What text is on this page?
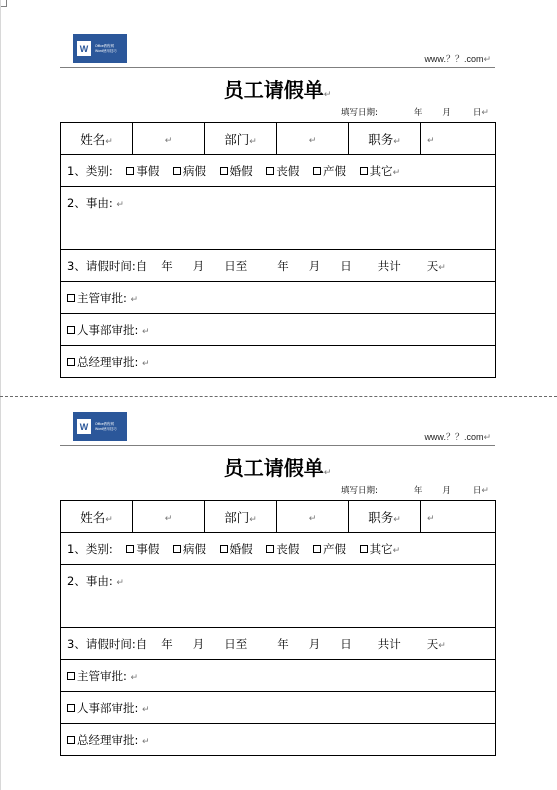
W	Office教程网
Word使用技巧
www.？？.com↵
员工请假单↵
填写日期:	年 月	日↵
姓名↵	↵	部门↵	↵	职务↵	↵
1、类别: 事假 病假 婚假 丧假 产假 其它↵
2、事由: ↵
3、请假时间:自 年 月 日至	年 月 日 共计 天↵
主管审批: ↵
人事部审批: ↵
总经理审批: ↵
W	Office教程网
Word使用技巧
www.？？.com↵
员工请假单↵
填写日期:	年 月	日↵
姓名↵	↵	部门↵	↵	职务↵	↵
1、类别: 事假 病假 婚假 丧假 产假 其它↵
2、事由: ↵
3、请假时间:自 年 月 日至	年 月 日 共计 天↵
主管审批: ↵
人事部审批: ↵
总经理审批: ↵
